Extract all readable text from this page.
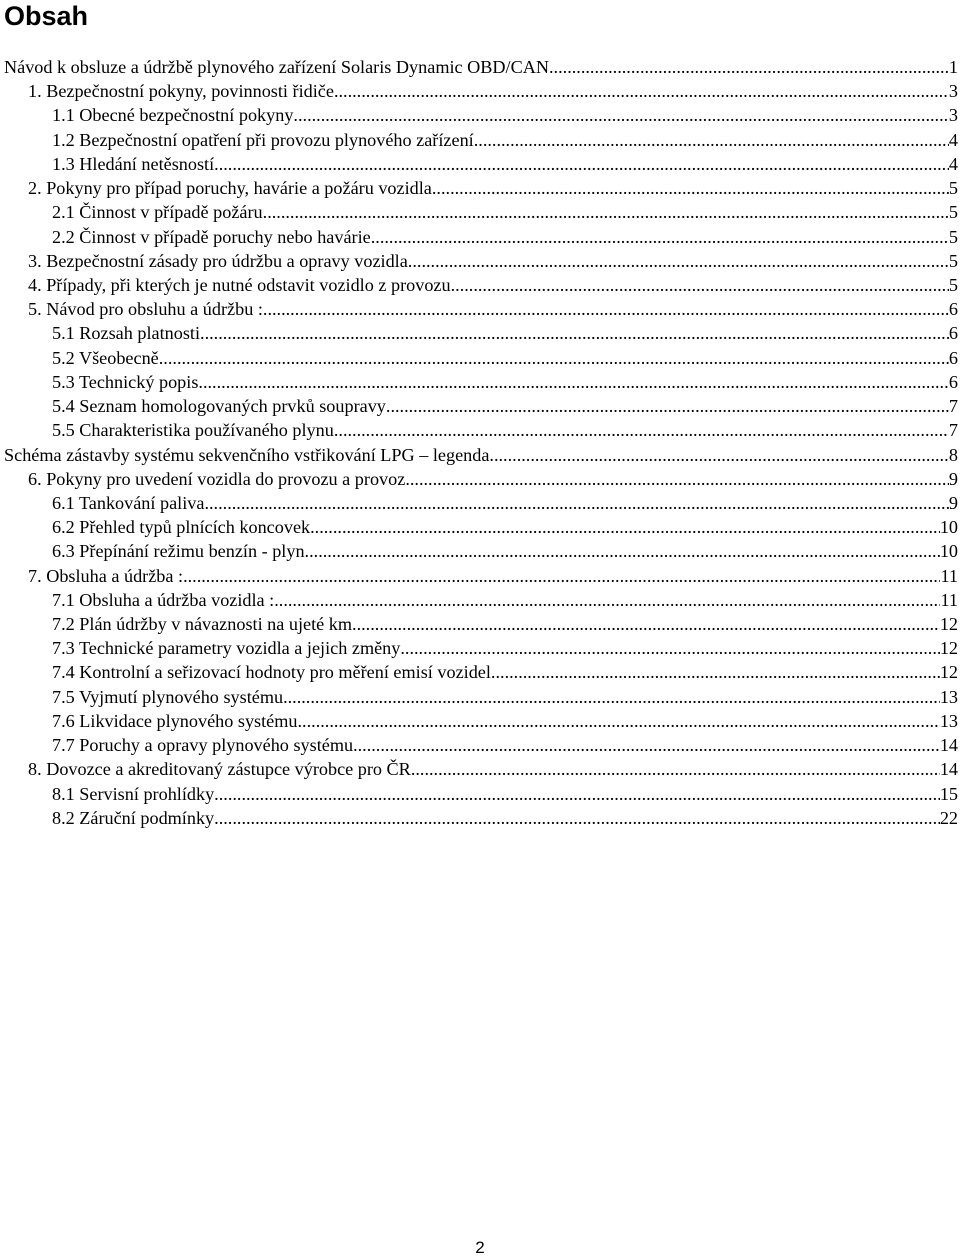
Obsah
Návod k obsluze a údržbě plynového zařízení Solaris Dynamic OBD/CAN .....	1
1. Bezpečnostní pokyny, povinnosti řidiče .....	3
1.1 Obecné bezpečnostní pokyny .....	3
1.2 Bezpečnostní opatření při provozu plynového zařízení .....	4
1.3 Hledání netěsností .....	4
2. Pokyny pro případ poruchy, havárie a požáru vozidla .....	5
2.1 Činnost v případě požáru .....	5
2.2 Činnost v případě poruchy nebo havárie .....	5
3. Bezpečnostní zásady pro údržbu a opravy vozidla .....	5
4. Případy, při kterých je nutné odstavit vozidlo z provozu .....	5
5. Návod pro obsluhu a údržbu : .....	6
5.1 Rozsah platnosti .....	6
5.2 Všeobecně .....	6
5.3 Technický popis .....	6
5.4 Seznam homologovaných prvků soupravy .....	7
5.5 Charakteristika používaného plynu .....	7
Schéma zástavby systému sekvenčního vstřikování LPG – legenda .....	8
6. Pokyny pro uvedení vozidla do provozu a provoz .....	9
6.1 Tankování paliva .....	9
6.2 Přehled typů plnících koncovek .....	10
6.3 Přepínání režimu benzín - plyn .....	10
7. Obsluha a údržba : .....	11
7.1 Obsluha a údržba vozidla : .....	11
7.2 Plán údržby v návaznosti na ujeté km .....	12
7.3 Technické parametry vozidla a jejich změny .....	12
7.4 Kontrolní a seřizovací hodnoty pro měření emisí vozidel .....	12
7.5 Vyjmutí plynového systému .....	13
7.6 Likvidace plynového systému .....	13
7.7 Poruchy a opravy plynového systému .....	14
8. Dovozce a akreditovaný zástupce výrobce pro ČR .....	14
8.1 Servisní prohlídky .....	15
8.2 Záruční podmínky .....	22
2
